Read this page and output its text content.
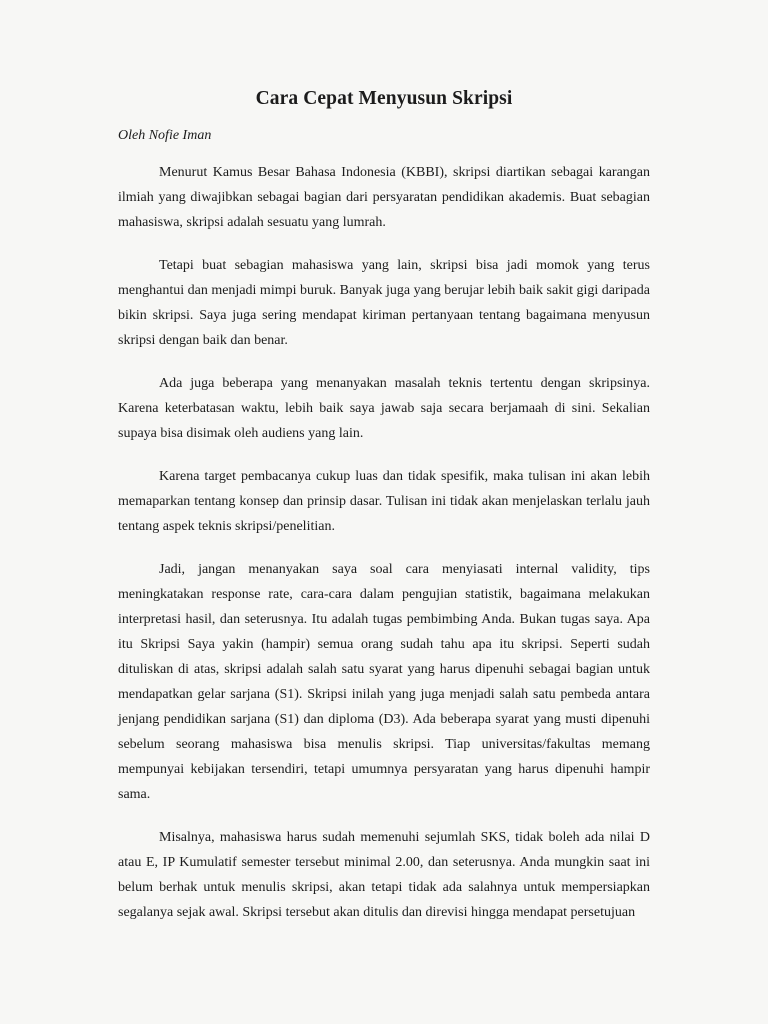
Cara Cepat Menyusun Skripsi

Oleh Nofie Iman

Menurut Kamus Besar Bahasa Indonesia (KBBI), skripsi diartikan sebagai karangan ilmiah yang diwajibkan sebagai bagian dari persyaratan pendidikan akademis. Buat sebagian mahasiswa, skripsi adalah sesuatu yang lumrah.

Tetapi buat sebagian mahasiswa yang lain, skripsi bisa jadi momok yang terus menghantui dan menjadi mimpi buruk. Banyak juga yang berujar lebih baik sakit gigi daripada bikin skripsi. Saya juga sering mendapat kiriman pertanyaan tentang bagaimana menyusun skripsi dengan baik dan benar.

Ada juga beberapa yang menanyakan masalah teknis tertentu dengan skripsinya. Karena keterbatasan waktu, lebih baik saya jawab saja secara berjamaah di sini. Sekalian supaya bisa disimak oleh audiens yang lain.

Karena target pembacanya cukup luas dan tidak spesifik, maka tulisan ini akan lebih memaparkan tentang konsep dan prinsip dasar. Tulisan ini tidak akan menjelaskan terlalu jauh tentang aspek teknis skripsi/penelitian.

Jadi, jangan menanyakan saya soal cara menyiasati internal validity, tips meningkatakan response rate, cara-cara dalam pengujian statistik, bagaimana melakukan interpretasi hasil, dan seterusnya. Itu adalah tugas pembimbing Anda. Bukan tugas saya. Apa itu Skripsi Saya yakin (hampir) semua orang sudah tahu apa itu skripsi. Seperti sudah dituliskan di atas, skripsi adalah salah satu syarat yang harus dipenuhi sebagai bagian untuk mendapatkan gelar sarjana (S1). Skripsi inilah yang juga menjadi salah satu pembeda antara jenjang pendidikan sarjana (S1) dan diploma (D3). Ada beberapa syarat yang musti dipenuhi sebelum seorang mahasiswa bisa menulis skripsi. Tiap universitas/fakultas memang mempunyai kebijakan tersendiri, tetapi umumnya persyaratan yang harus dipenuhi hampir sama.

Misalnya, mahasiswa harus sudah memenuhi sejumlah SKS, tidak boleh ada nilai D atau E, IP Kumulatif semester tersebut minimal 2.00, dan seterusnya. Anda mungkin saat ini belum berhak untuk menulis skripsi, akan tetapi tidak ada salahnya untuk mempersiapkan segalanya sejak awal. Skripsi tersebut akan ditulis dan direvisi hingga mendapat persetujuan
